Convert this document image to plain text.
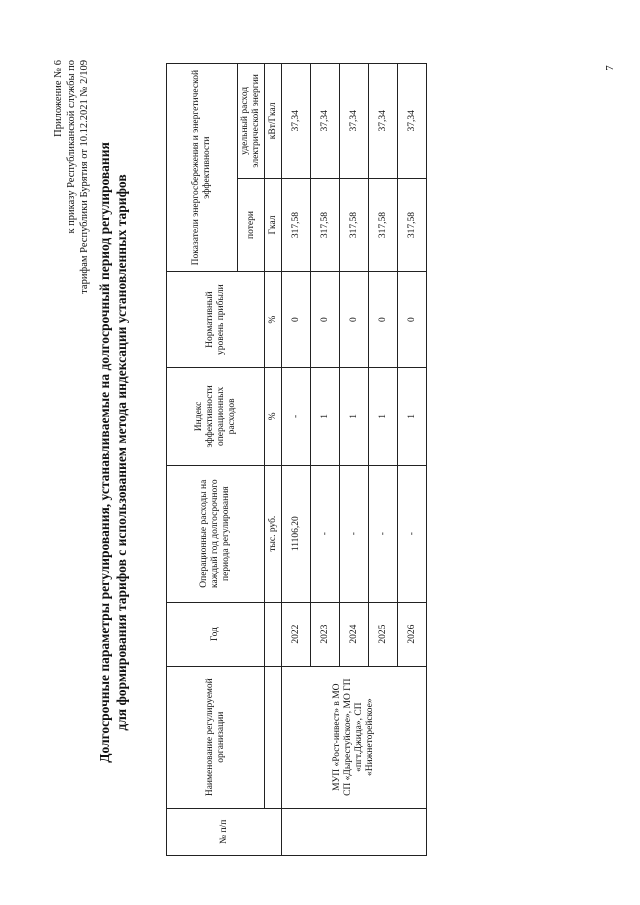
7
Приложение № 6 к приказу Республиканской службы по тарифам Республики Бурятия от 10.12.2021 № 2/109 Долгосрочные параметры регулирования, устанавливаемые на долгосрочный период регулирования для формирования тарифов с использованием метода индексации установленных тарифов
№ п/п	Наименование регулируемой организации	Год	Операционные расходы на каждый год долгосрочного периода регулирования	Индекс эффективности операционных расходов	Нормативный уровень прибыли	Показатели энергосбережения и энергетической эффективности	
						потери	удельный расход электрической энергии
			тыс. руб.	%	%	Гкал	кВт/Гкал

	МУП «Рост-инвест» в МО СП «Дырестуйское», МО ГП «пгт.Джида», СП «Нижнеторейское»	2022	11106,20	-	0	317,58	37,34
		2023	-	1	0	317,58	37,34
		2024	-	1	0	317,58	37,34
		2025	-	1	0	317,58	37,34
		2026	-	1	0	317,58	37,34
